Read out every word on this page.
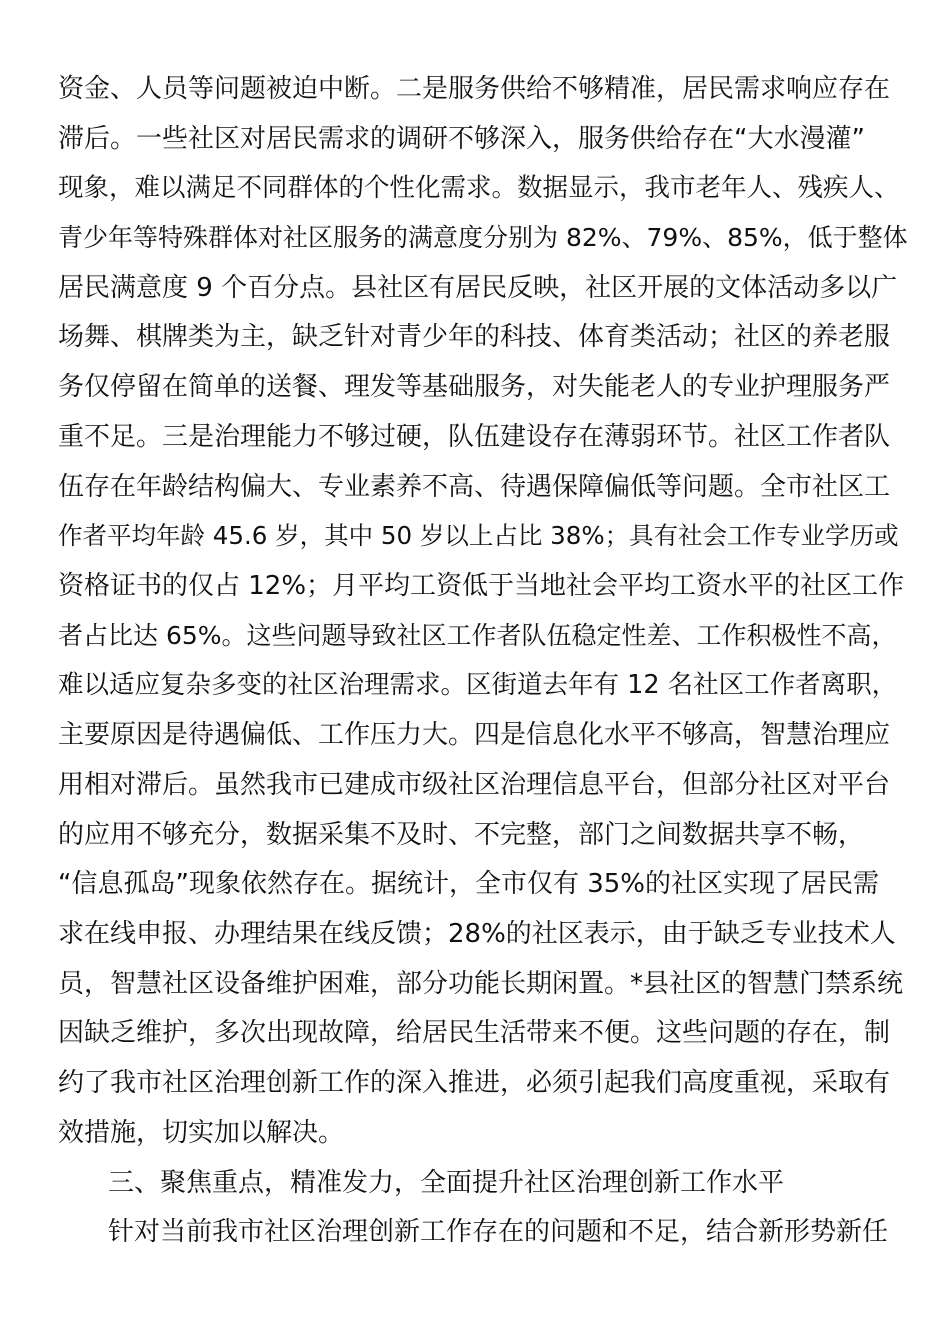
资金、人员等问题被迫中断。二是服务供给不够精准，居民需求响应存在
滞后。一些社区对居民需求的调研不够深入，服务供给存在“大水漫灌”
现象，难以满足不同群体的个性化需求。数据显示，我市老年人、残疾人、
青少年等特殊群体对社区服务的满意度分别为 82%、79%、85%，低于整体
居民满意度 9 个百分点。县社区有居民反映，社区开展的文体活动多以广
场舞、棋牌类为主，缺乏针对青少年的科技、体育类活动；社区的养老服
务仅停留在简单的送餐、理发等基础服务，对失能老人的专业护理服务严
重不足。三是治理能力不够过硬，队伍建设存在薄弱环节。社区工作者队
伍存在年龄结构偏大、专业素养不高、待遇保障偏低等问题。全市社区工
作者平均年龄 45.6 岁，其中 50 岁以上占比 38%；具有社会工作专业学历或
资格证书的仅占 12%；月平均工资低于当地社会平均工资水平的社区工作
者占比达 65%。这些问题导致社区工作者队伍稳定性差、工作积极性不高，
难以适应复杂多变的社区治理需求。区街道去年有 12 名社区工作者离职，
主要原因是待遇偏低、工作压力大。四是信息化水平不够高，智慧治理应
用相对滞后。虽然我市已建成市级社区治理信息平台，但部分社区对平台
的应用不够充分，数据采集不及时、不完整，部门之间数据共享不畅，
“信息孤岛”现象依然存在。据统计，全市仅有 35%的社区实现了居民需
求在线申报、办理结果在线反馈；28%的社区表示，由于缺乏专业技术人
员，智慧社区设备维护困难，部分功能长期闲置。*县社区的智慧门禁系统
因缺乏维护，多次出现故障，给居民生活带来不便。这些问题的存在，制
约了我市社区治理创新工作的深入推进，必须引起我们高度重视，采取有
效措施，切实加以解决。
三、聚焦重点，精准发力，全面提升社区治理创新工作水平
针对当前我市社区治理创新工作存在的问题和不足，结合新形势新任
